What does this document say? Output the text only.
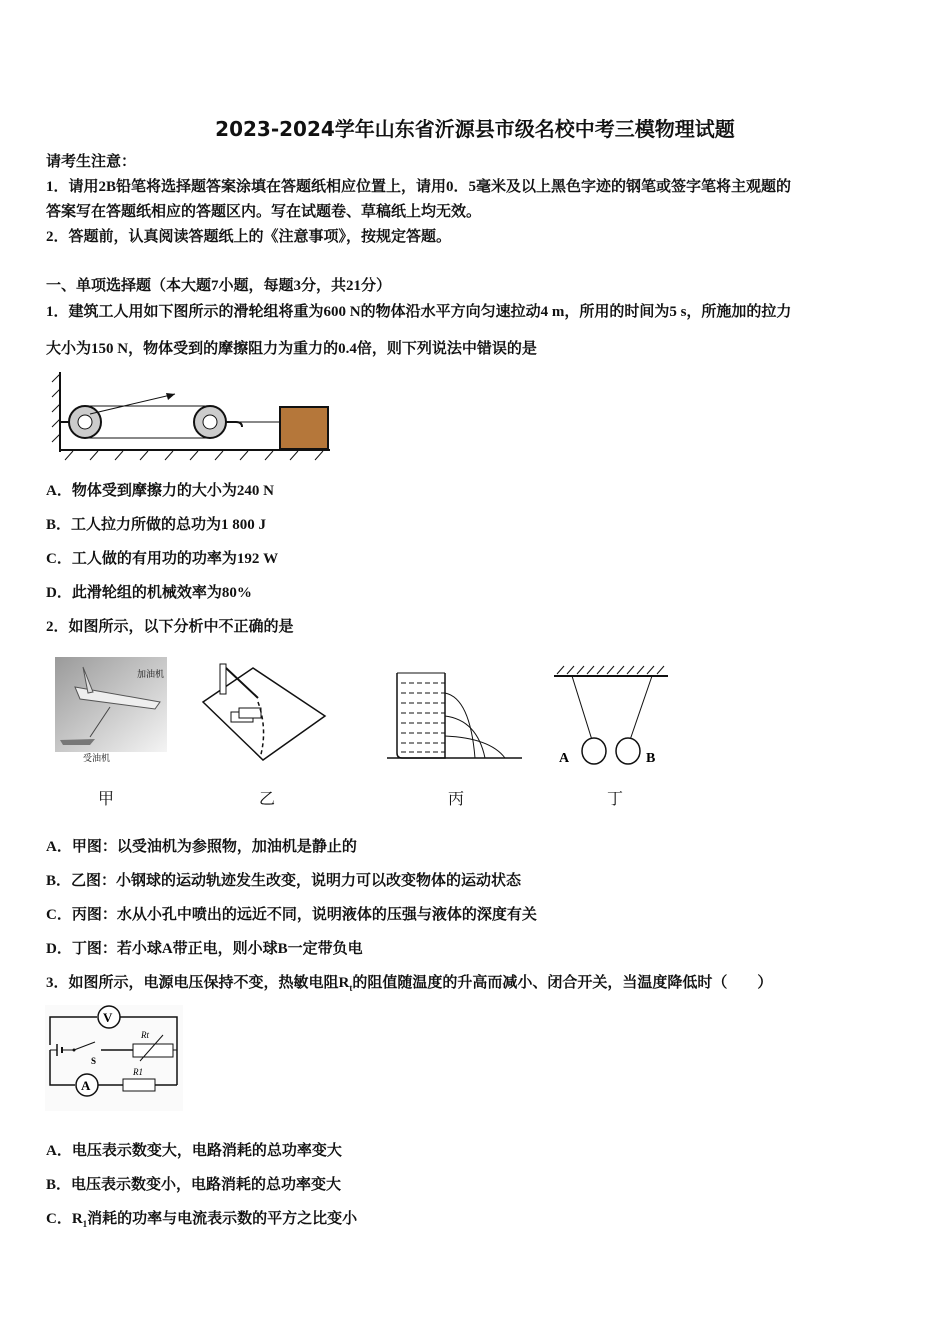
2023-2024学年山东省沂源县市级名校中考三模物理试题
请考生注意：
1．请用2B铅笔将选择题答案涂填在答题纸相应位置上，请用0．5毫米及以上黑色字迹的钢笔或签字笔将主观题的
答案写在答题纸相应的答题区内。写在试题卷、草稿纸上均无效。
2．答题前，认真阅读答题纸上的《注意事项》，按规定答题。
一、单项选择题（本大题7小题，每题3分，共21分）
1．建筑工人用如下图所示的滑轮组将重为600 N的物体沿水平方向匀速拉动4 m，所用的时间为5 s，所施加的拉力
大小为150 N，物体受到的摩擦阻力为重力的0.4倍，则下列说法中错误的是
A．物体受到摩擦力的大小为240 N
B．工人拉力所做的总功为1 800 J
C．工人做的有用功的功率为192 W
D．此滑轮组的机械效率为80%
2．如图所示，以下分析中不正确的是
加油机
受油机	A	B
甲	乙	丙	丁
A．甲图：以受油机为参照物，加油机是静止的
B．乙图：小钢球的运动轨迹发生改变，说明力可以改变物体的运动状态
C．丙图：水从小孔中喷出的远近不同，说明液体的压强与液体的深度有关
D．丁图：若小球A带正电，则小球B一定带负电
3．如图所示，电源电压保持不变，热敏电阻$R_t$的阻值随温度的升高而减小、闭合开关，当温度降低时（　　）
V
S
Rt
A
R1
A．电压表示数变大，电路消耗的总功率变大
B．电压表示数变小，电路消耗的总功率变大
C．$R_1$消耗的功率与电流表示数的平方之比变小
